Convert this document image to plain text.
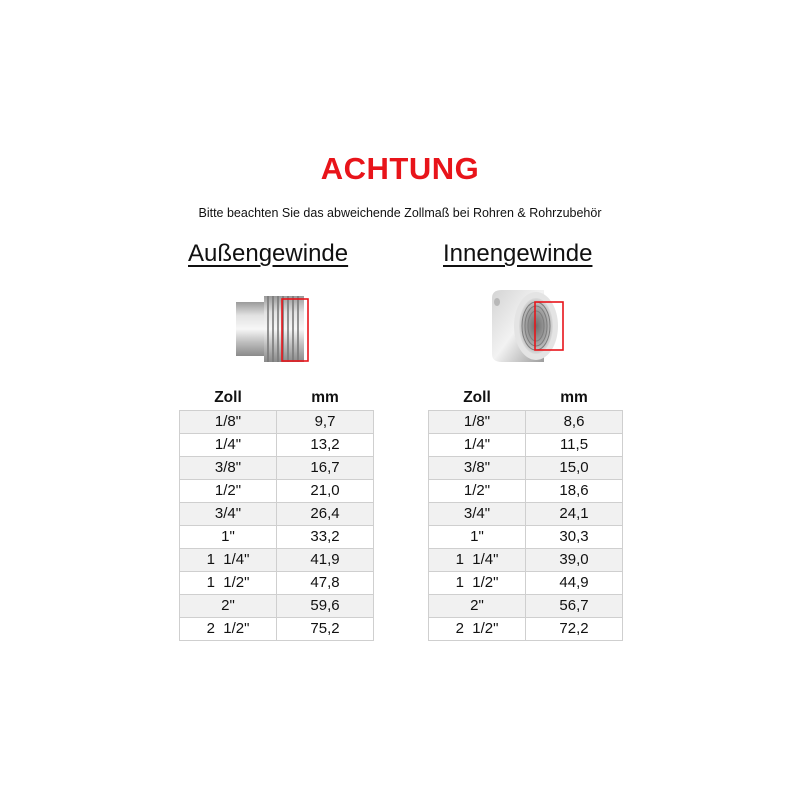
ACHTUNG
Bitte beachten Sie das abweichende Zollmaß bei Rohren & Rohrzubehör
Außengewinde
Zoll	mm
1/8"	9,7
1/4"	13,2
3/8"	16,7
1/2"	21,0
3/4"	26,4
1"	33,2
1  1/4"	41,9
1  1/2"	47,8
2"	59,6
2  1/2"	75,2
Innengewinde
Zoll	mm
1/8"	8,6
1/4"	11,5
3/8"	15,0
1/2"	18,6
3/4"	24,1
1"	30,3
1  1/4"	39,0
1  1/2"	44,9
2"	56,7
2  1/2"	72,2
